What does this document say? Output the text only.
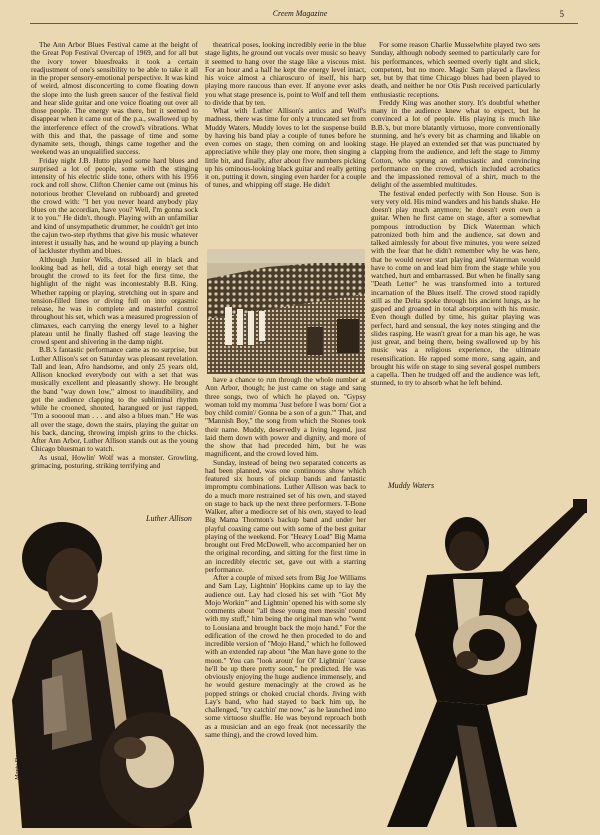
Creem Magazine	5

The Ann Arbor Blues Festival came at the height of the Great Pop Festival Overcap of 1969, and for all but the ivory tower bluesfreaks it took a certain readjustment of one's sensibility to be able to take it all in the proper sensory-emotional perspective. It was kind of weird, almost disconcerting to come floating down the slope into the lush green saucer of the festival field and hear slide guitar and one voice floating out over all those people. The energy was there, but it seemed to disappear when it came out of the p.a., swallowed up by the interference effect of the crowd's vibrations. What with this and that, the passage of time and some dynamite sets, though, things came together and the weekend was an unqualified success.

Friday night J.B. Hutto played some hard blues and surprised a lot of people, some with the stinging intensity of his electric slide tone, others with his 1956 rock and roll show. Clifton Chenier came out (minus his notorious brother Cleveland on rubboard) and greeted the crowd with: "I bet you never heard anybody play blues on the accordian, have you? Well, I'm gonna sock it to you." He didn't, though. Playing with an unfamiliar and kind of unsympathetic drummer, he couldn't get into the cajun two-step rhythms that give his music whatever interest it usually has, and he wound up playing a bunch of lackluster rhythm and blues.

Although Junior Wells, dressed all in black and looking bad as hell, did a total high energy set that brought the crowd to its feet for the first time, the highlight of the night was incontestably B.B. King. Whether rapping or playing, stretching out in spare and tension-filled lines or diving full on into orgasmic release, he was in complete and masterful control throughout his set, which was a measured progression of climaxes, each carrying the energy level to a higher plateau until he finally flashed off stage leaving the crowd spent and shivering in the damp night.

B.B.'s fantastic performance came as no surprise, but Luther Allison's set on Saturday was pleasant revelation. Tall and lean, Afro handsome, and only 25 years old, Allison knocked everybody out with a set that was musically excellent and pleasantly showy. He brought the band "way down low," almost to inaudibility, and got the audience clapping to the subliminal rhythm while he crooned, shouted, harangued or just rapped, "I'm a sooooul man . . . and also a blues man." He was all over the stage, down the stairs, playing the guitar on his back, dancing, throwing impish grins to the chicks. After Ann Arbor, Luther Allison stands out as the young Chicago bluesman to watch.

As usual, Howlin' Wolf was a monster. Growling, grimacing, posturing, striking terrifying and

theatrical poses, looking incredibly eerie in the blue stage lights, he ground out vocals over music so heavy it seemed to hang over the stage like a viscous mist. For an hour and a half he kept the energy level intact, his voice almost a chiaroscuro of itself, his harp playing more raucous than ever. If anyone ever asks you what stage presence is, point to Wolf and tell them to divide that by ten.

What with Luther Allison's antics and Wolf's madness, there was time for only a truncated set from Muddy Waters. Muddy loves to let the suspense build by having his band play a couple of tunes before he even comes on stage, then coming on and looking appreciative while they play one more, then singing a little bit, and finally, after about five numbers picking up his ominous-looking black guitar and really getting it on, putting it down, singing even harder for a couple of tunes, and whipping off stage. He didn't

have a chance to run through the whole number at Ann Arbor, though; he just came on stage and sang three songs, two of which he played on. "Gypsy woman told my momma 'Just before I was born/ Got a boy child comin'/ Gonna be a son of a gun.'" That, and "Mannish Boy," the song from which the Stones took their name. Muddy, deservedly a living legend, just laid them down with power and dignity, and more of the show that had preceded him, but he was magnificent, and the crowd loved him.

Sunday, instead of being two separated concerts as had been planned, was one continuous show which featured six hours of pickup bands and fantastic impromptu combinations. Luther Allison was back to do a much more restrained set of his own, and stayed on stage to back up the next three performers. T-Bone Walker, after a mediocre set of his own, stayed to lead Big Mama Thornton's backup band and under her playful coaxing came out with some of the best guitar playing of the weekend. For "Heavy Load" Big Mama brought out Fred McDowell, who accompanied her on the original recording, and sitting for the first time in an incredibly electric set, gave out with a starring performance.

After a couple of mixed sets from Big Joe Williams and Sam Lay, Lightnin' Hopkins came up to lay the audience out. Lay had closed his set with "Got My Mojo Workin'" and Lightnin' opened his with some sly comments about "all these young men messin' round with my stuff," him being the original man who "went to Lousiana and brought back the mojo hand." For the edification of the crowd he then proceded to do and incredible version of "Mojo Hand," which he followed with an extended rap about "the Man have gone to the moon." You can "look aroun' for Ol' Lightnin' 'cause he'll be up there pretty soon," he predicted. He was obviously enjoying the huge audience immensely, and he would gesture menacingly at the crowd as he popped strings or choked crucial chords. Jiving with Lay's band, who had stayed to back him up, he challenged, "try catchin' me now," as he launched into some virtuoso shuffle. He was beyond reproach both as a musician and an ego freak (not necessarily the same thing), and the crowd loved him.

For some reason Charlie Musselwhite played two sets Sunday, although nobody seemed to particularly care for his performances, which seemed overly tight and slick, competent, but no more. Magic Sam played a flawless set, but by that time Chicago blues had been played to death, and neither he nor Otis Push received particularly enthusiastic receptions.

Freddy King was another story. It's doubtful whether many in the audience knew what to expect, but he convinced a lot of people. His playing is much like B.B.'s, but more blatantly virtuoso, more conventionally stunning, and he's every bit as charming and likable on stage. He played an extended set that was punctuated by clapping from the audience, and left the stage to Jimmy Cotton, who sprung an enthusiastic and convincing performance on the crowd, which included acrobatics and the impassioned removal of a shirt, much to the delight of the assembled multitudes.

The festival ended perfectly with Son House. Son is very very old. His mind wanders and his hands shake. He doesn't play much anymore; he doesn't even own a guitar. When he first came on stage, after a somewhat pompous introduction by Dick Waterman which patronized both him and the audience, sat down and talked aimlessly for about five minutes, you were seized with the fear that he didn't remember why he was here, that he would never start playing and Waterman would have to come on and lead him from the stage while you watched, hurt and embarrassed. But when he finally sang "Death Letter" he was transformed into a tortured incarnation of the Blues itself. The crowd stood rapidly still as the Delta spoke through his ancient lungs, as he gasped and groaned in total absorption with his music. Even though dulled by time, his guitar playing was perfect, hard and sensual, the key notes stinging and the slides rasping. He wasn't great for a man his age, he was just great, and being there, being swallowed up by his music was a religious experience, the ultimate resensification. He rapped some more, sang again, and brought his wife on stage to sing several gospel numbers a capella. Then he trudged off and the audience was left, stunned, to try to absorb what he left behind.

Luther Allison
Marty Dean
Muddy Waters
